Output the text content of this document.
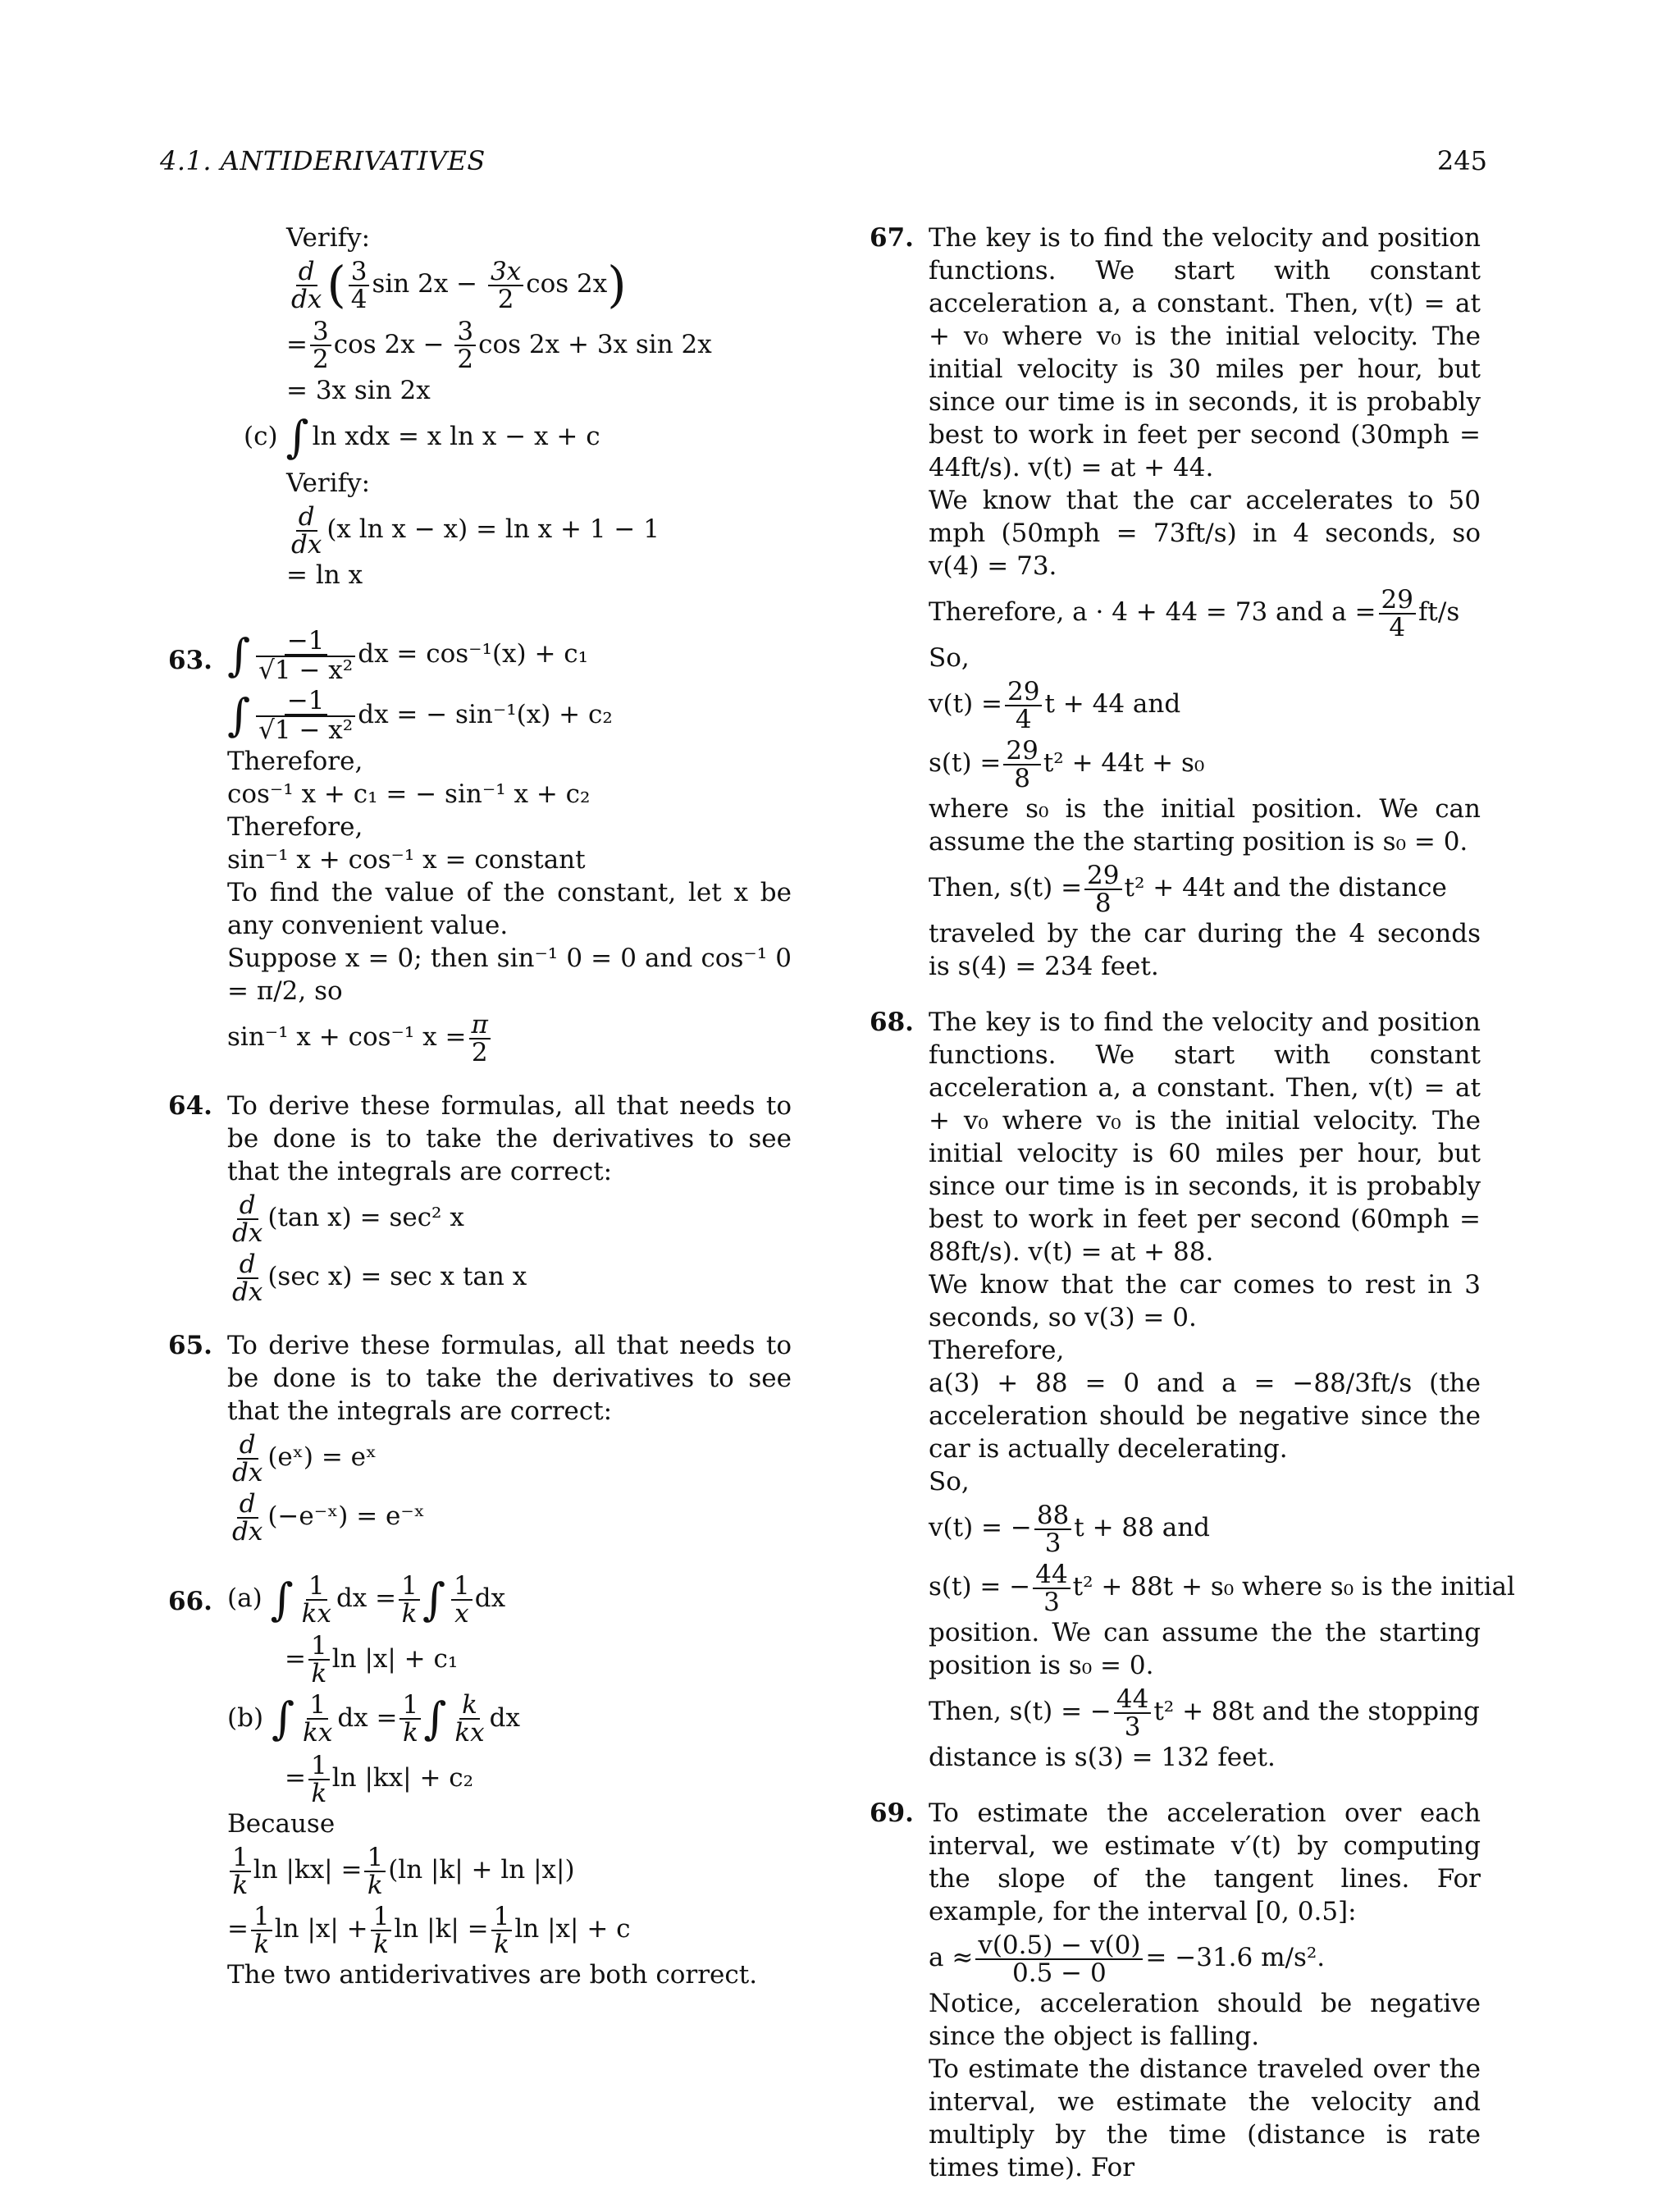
4.1. ANTIDERIVATIVES	245
Verify:
$\frac{d}{dx}$ ( $\frac{3}{4}$ $\sin 2x - \frac{3x}{2}$ cos 2x)
= $\frac{3}{2}$ $\cos 2x - \frac{3}{2}$ cos 2x + 3x sin 2x
= 3x sin 2x
(c) ∫ ln xdx = x ln x − x + c
Verify:
$\frac{d}{dx} (x$ ln x − x) = ln x + 1 − 1
= ln x
63. ∫ $\frac{-1}{\text{√1 − x²}}$ dx = cos⁻¹(x) + c₁
∫ $\frac{-1}{\text{√1 − x²}}$ dx = − sin⁻¹(x) + c₂
Therefore,
cos⁻¹ x + c₁ = − sin⁻¹ x + c₂
Therefore,
sin⁻¹ x + cos⁻¹ x = constant
To find the value of the constant, let x be any convenient value.
Suppose x = 0; then sin⁻¹ 0 = 0 and cos⁻¹ 0 = π/2, so
sin⁻¹ x + cos⁻¹ $x = \frac{\pi}{2}$
64. To derive these formulas, all that needs to be done is to take the derivatives to see that the integrals are correct:
$\frac{d}{dx} (\tan$ x) = sec² x
$\frac{d}{dx} (\sec$ x) = sec x tan x
65. To derive these formulas, all that needs to be done is to take the derivatives to see that the integrals are correct:
$\frac{d}{dx}$ (eˣ) = eˣ
$\frac{d}{dx}$ (−e⁻ˣ) = e⁻ˣ
66. (a) ∫ $\frac{1}{kx}$ dx = $\frac{1}{k}$ ∫ $\frac{1}{x}$ dx
= $\frac{1}{k}$ ln |x| + c₁
(b) ∫ $\frac{1}{kx}$ dx = $\frac{1}{k}$ ∫ $\frac{k}{kx}$ dx
= $\frac{1}{k}$ ln |kx| + c₂
Because
$\frac{1}{k}$ $\ln |kx| = \frac{1}{k} (\ln$ |k| + ln |x|)
= $\frac{1}{k}$ $\ln |x| + \frac{1}{k}$ $\ln |k| = \frac{1}{k}$ ln |x| + c
The two antiderivatives are both correct.
67. The key is to find the velocity and position functions. We start with constant acceleration a, a constant. Then, v(t) = at + v₀ where v₀ is the initial velocity. The initial velocity is 30 miles per hour, but since our time is in seconds, it is probably best to work in feet per second (30mph = 44ft/s). v(t) = at + 44.
We know that the car accelerates to 50 mph (50mph = 73ft/s) in 4 seconds, so v(4) = 73.
Therefore, a · 4 + 44 = 73 and $a = \frac{29}{4} ft/s$
So,
$v(t) = \frac{29}{4}$ t + 44 and
$s(t) = \frac{29}{8} t^2 + 44t + s_0$
where s₀ is the initial position. We can assume the the starting position is s₀ = 0.
Then, $s(t) = \frac{29}{8} t^2 + 44t$ and the distance
traveled by the car during the 4 seconds is s(4) = 234 feet.
68. The key is to find the velocity and position functions. We start with constant acceleration a, a constant. Then, v(t) = at + v₀ where v₀ is the initial velocity. The initial velocity is 60 miles per hour, but since our time is in seconds, it is probably best to work in feet per second (60mph = 88ft/s). v(t) = at + 88.
We know that the car comes to rest in 3 seconds, so v(3) = 0.
Therefore,
a(3) + 88 = 0 and a = −88/3ft/s (the acceleration should be negative since the car is actually decelerating.
So,
v(t) = − $\frac{88}{3}$ t + 88 and
s(t) = − $\frac{44}{3} t^2 + 88t + s_0$ where s₀ is the initial
position. We can assume the the starting position is s₀ = 0.
Then, s(t) = − $\frac{44}{3} t^2 + 88t$ and the stopping
distance is s(3) = 132 feet.
69. To estimate the acceleration over each interval, we estimate v′(t) by computing the slope of the tangent lines. For example, for the interval [0, 0.5]:
$a \approx \frac{v(0.5) - v(0)}{0.5 - 0} = -31.6$ m/s².
Notice, acceleration should be negative since the object is falling.
To estimate the distance traveled over the interval, we estimate the velocity and multiply by the time (distance is rate times time). For
